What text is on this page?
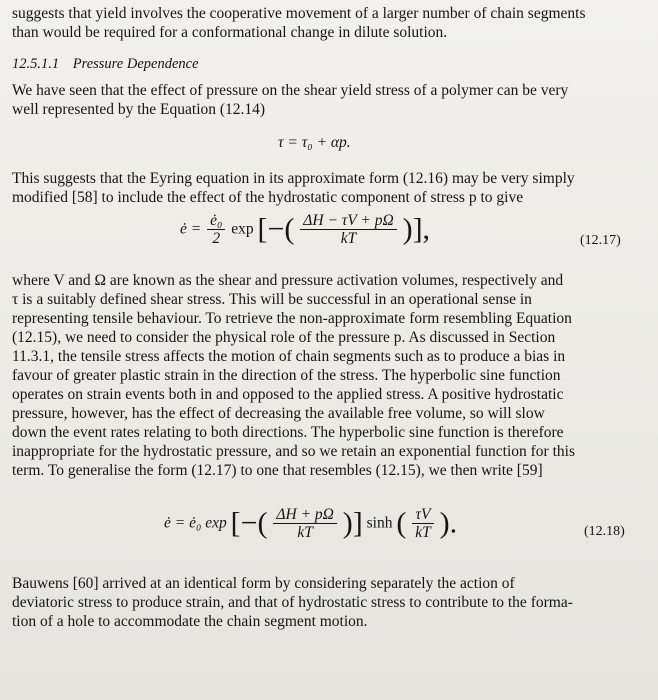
suggests that yield involves the cooperative movement of a larger number of chain segments
than would be required for a conformational change in dilute solution.
12.5.1.1 Pressure Dependence
We have seen that the effect of pressure on the shear yield stress of a polymer can be very
well represented by the Equation (12.14)
τ = τ₀ + αp.
This suggests that the Eyring equation in its approximate form (12.16) may be very simply
modified [58] to include the effect of the hydrostatic component of stress p to give
ė = $\frac{\text{ė₀}}{2}$ exp [−( $\frac{\Delta H - \tau V + p\Omega}{kT}$ )],	(12.17)
where V and Ω are known as the shear and pressure activation volumes, respectively and
τ is a suitably defined shear stress. This will be successful in an operational sense in
representing tensile behaviour. To retrieve the non-approximate form resembling Equation
(12.15), we need to consider the physical role of the pressure p. As discussed in Section
11.3.1, the tensile stress affects the motion of chain segments such as to produce a bias in
favour of greater plastic strain in the direction of the stress. The hyperbolic sine function
operates on strain events both in and opposed to the applied stress. A positive hydrostatic
pressure, however, has the effect of decreasing the available free volume, so will slow
down the event rates relating to both directions. The hyperbolic sine function is therefore
inappropriate for the hydrostatic pressure, and so we retain an exponential function for this
term. To generalise the form (12.17) to one that resembles (12.15), we then write [59]
ė = ė₀ exp [−( $\frac{\Delta H + p\Omega}{kT}$ )] sinh ( $\frac{\tau V}{kT}$ ).	(12.18)
Bauwens [60] arrived at an identical form by considering separately the action of
deviatoric stress to produce strain, and that of hydrostatic stress to contribute to the forma-
tion of a hole to accommodate the chain segment motion.
